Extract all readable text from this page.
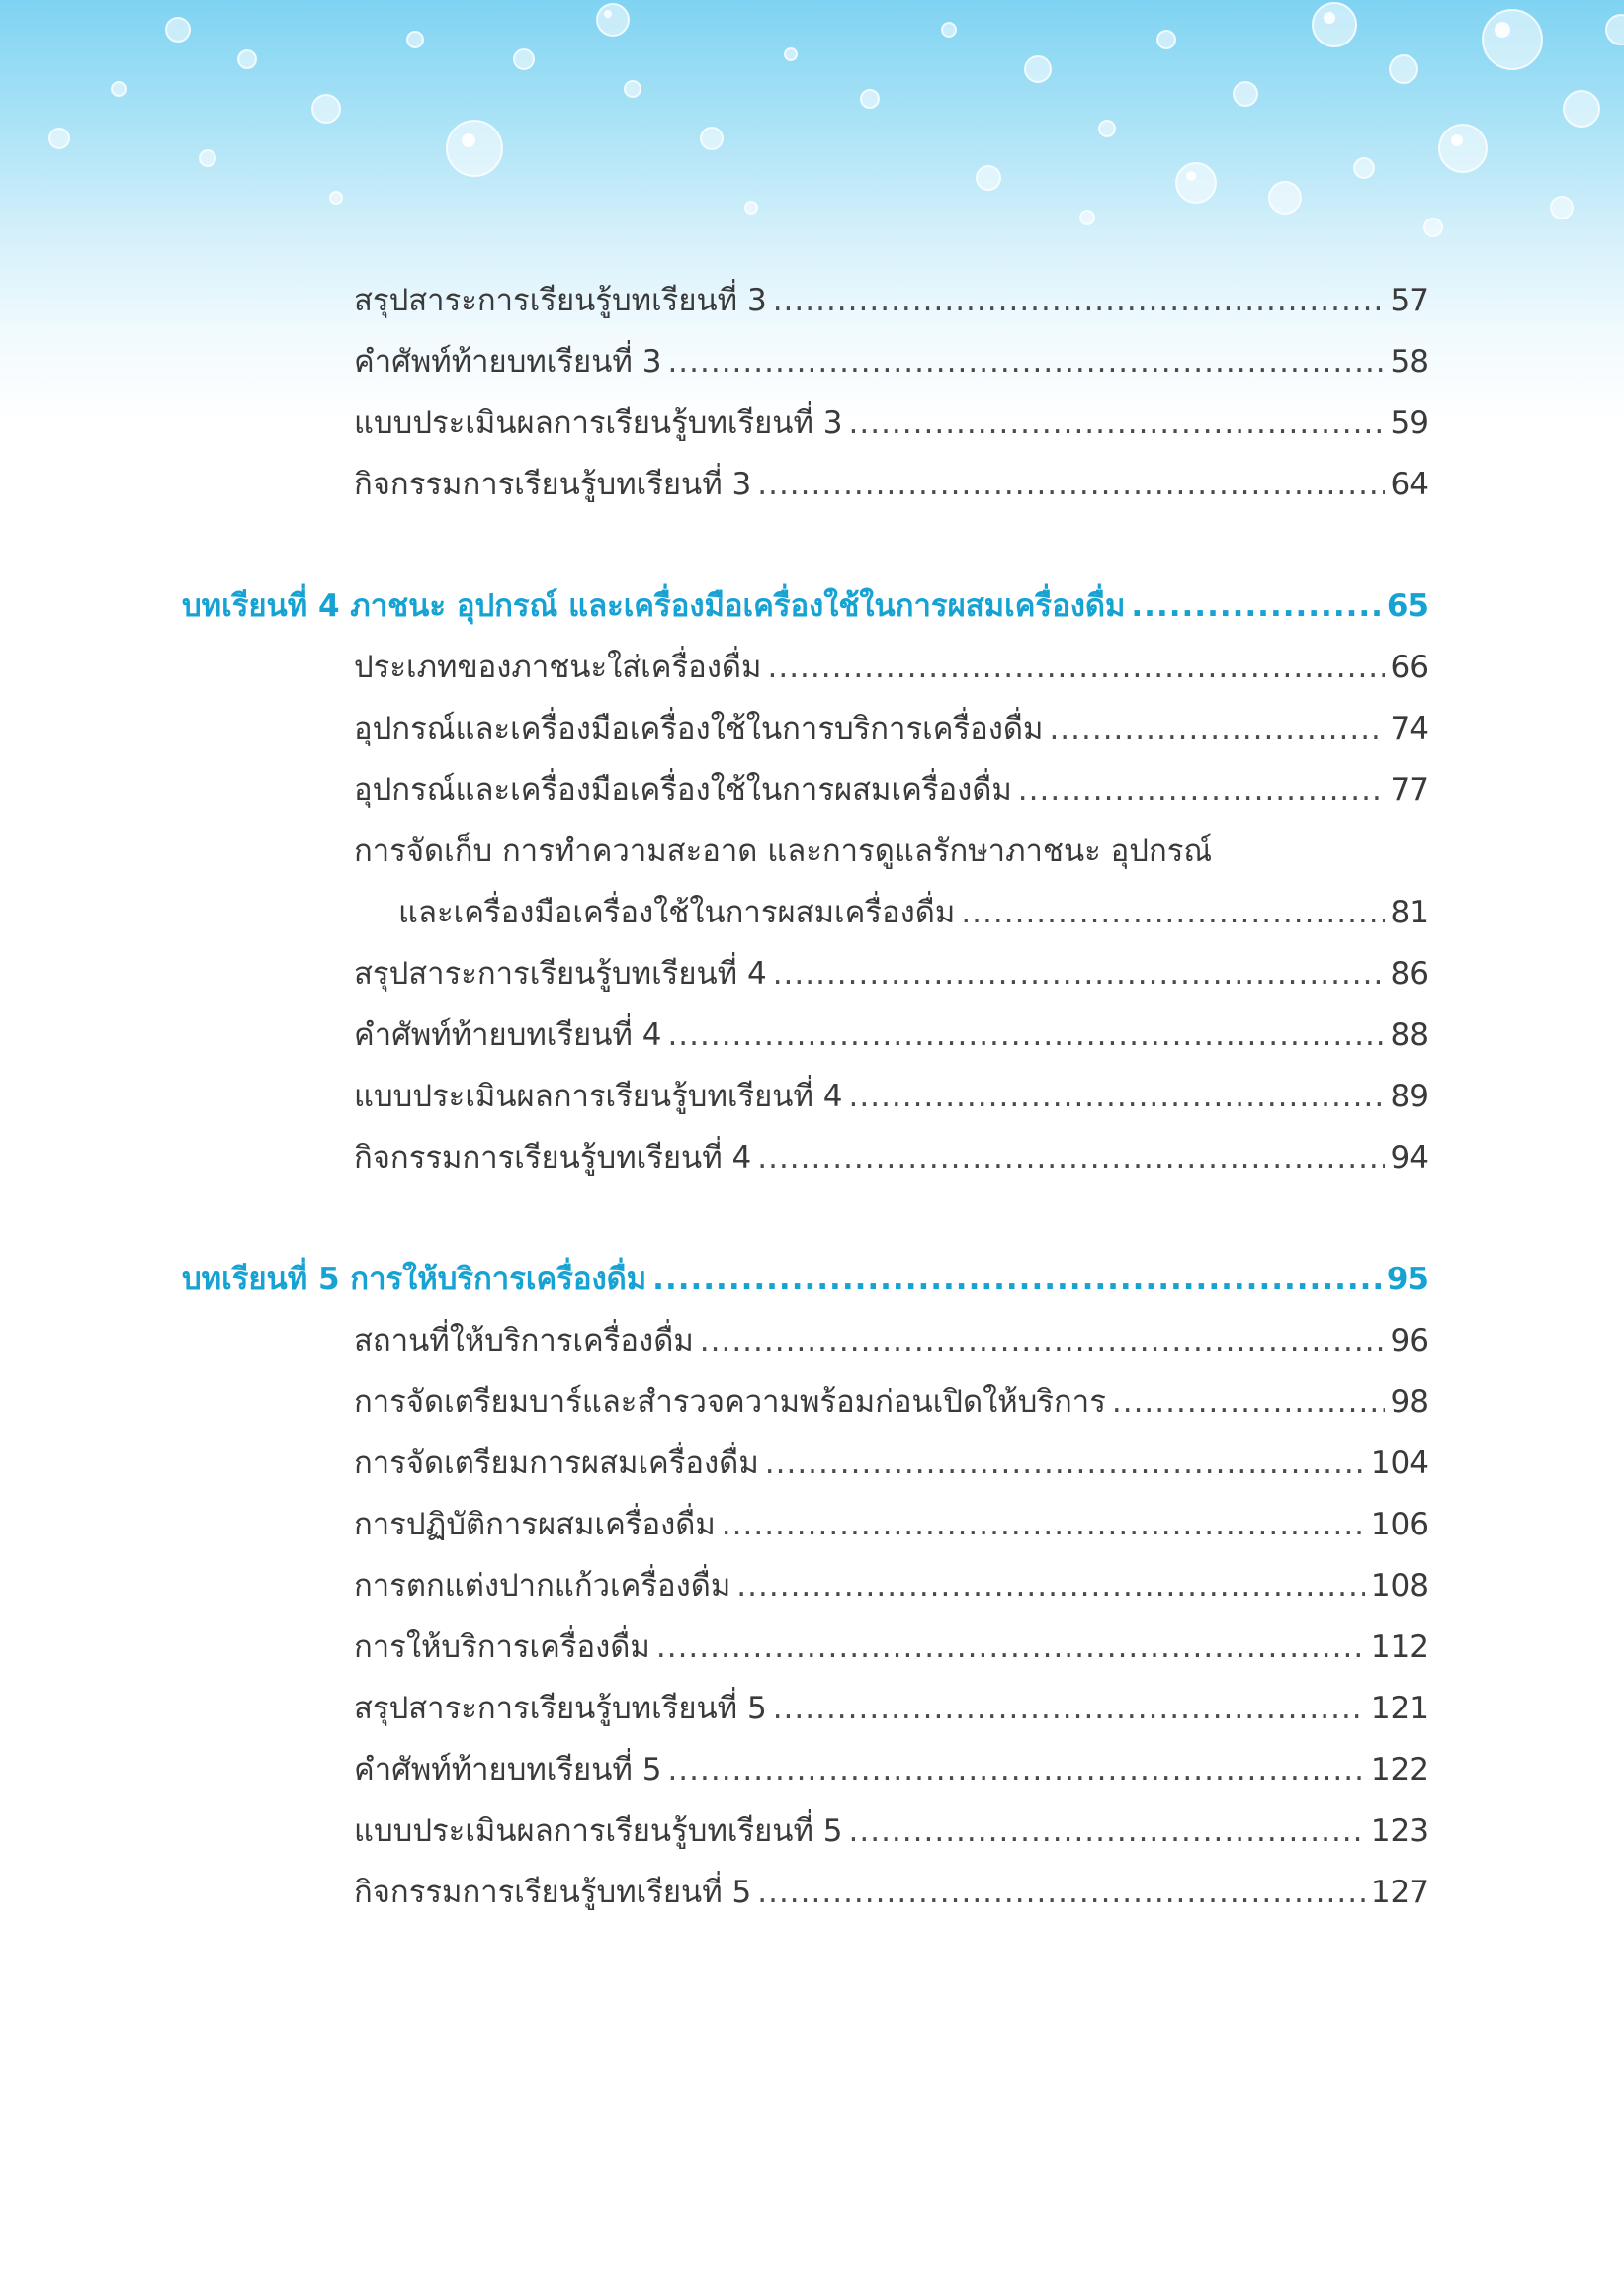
สรุปสาระการเรียนรู้บทเรียนที่ 3 .....	57
คำศัพท์ท้ายบทเรียนที่ 3 .....	58
แบบประเมินผลการเรียนรู้บทเรียนที่ 3 .....	59
กิจกรรมการเรียนรู้บทเรียนที่ 3 .....	64
บทเรียนที่ 4 ภาชนะ อุปกรณ์ และเครื่องมือเครื่องใช้ในการผสมเครื่องดื่ม .....	65
ประเภทของภาชนะใส่เครื่องดื่ม .....	66
อุปกรณ์และเครื่องมือเครื่องใช้ในการบริการเครื่องดื่ม .....	74
อุปกรณ์และเครื่องมือเครื่องใช้ในการผสมเครื่องดื่ม .....	77
การจัดเก็บ การทำความสะอาด และการดูแลรักษาภาชนะ อุปกรณ์
และเครื่องมือเครื่องใช้ในการผสมเครื่องดื่ม .....	81
สรุปสาระการเรียนรู้บทเรียนที่ 4 .....	86
คำศัพท์ท้ายบทเรียนที่ 4 .....	88
แบบประเมินผลการเรียนรู้บทเรียนที่ 4 .....	89
กิจกรรมการเรียนรู้บทเรียนที่ 4 .....	94
บทเรียนที่ 5 การให้บริการเครื่องดื่ม .....	95
สถานที่ให้บริการเครื่องดื่ม .....	96
การจัดเตรียมบาร์และสำรวจความพร้อมก่อนเปิดให้บริการ .....	98
การจัดเตรียมการผสมเครื่องดื่ม .....	104
การปฏิบัติการผสมเครื่องดื่ม .....	106
การตกแต่งปากแก้วเครื่องดื่ม .....	108
การให้บริการเครื่องดื่ม .....	112
สรุปสาระการเรียนรู้บทเรียนที่ 5 .....	121
คำศัพท์ท้ายบทเรียนที่ 5 .....	122
แบบประเมินผลการเรียนรู้บทเรียนที่ 5 .....	123
กิจกรรมการเรียนรู้บทเรียนที่ 5 .....	127
